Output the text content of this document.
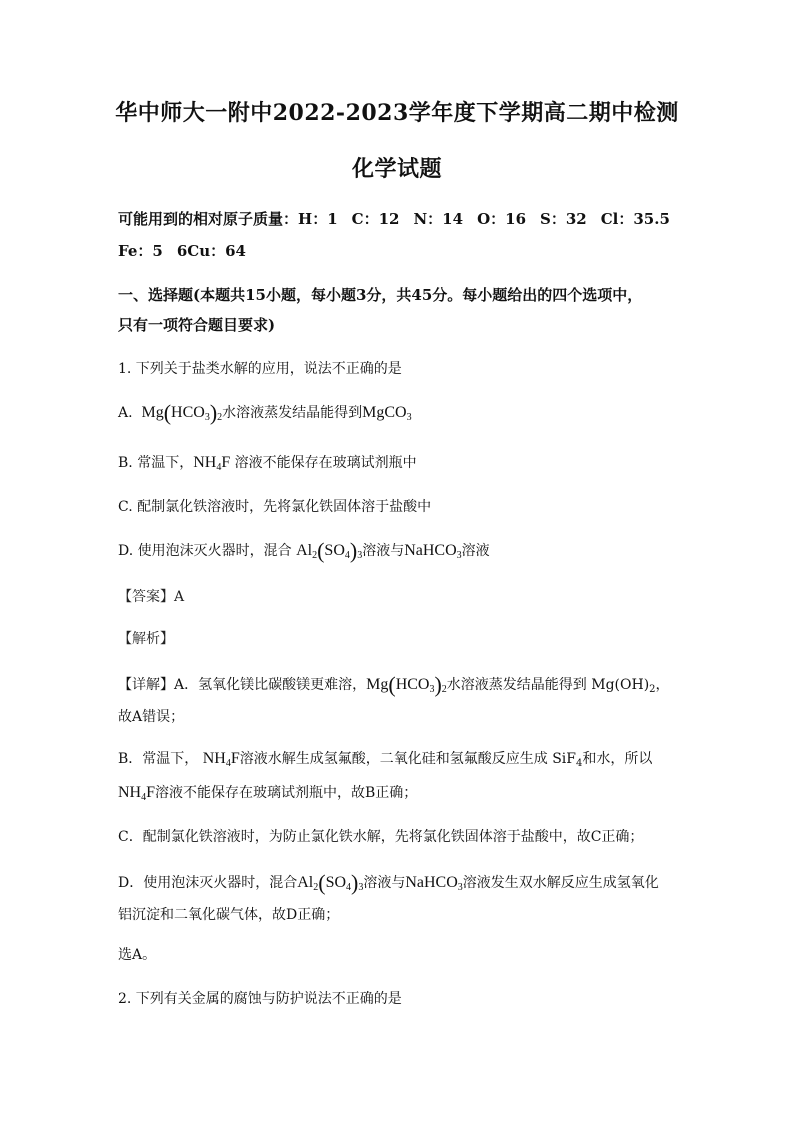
华中师大一附中2022-2023学年度下学期高二期中检测
化学试题
可能用到的相对原子质量：H：1 C：12 N：14 O：16 S：32 Cl：35.5
Fe：5 6Cu：64
一、选择题(本题共15小题，每小题3分，共45分。每小题给出的四个选项中，
只有一项符合题目要求)
1. 下列关于盐类水解的应用，说法不正确的是
A. $Mg(HCO_3)_2$水溶液蒸发结晶能得到MgCO$_3$
B. 常温下，$NH_4F$ 溶液不能保存在玻璃试剂瓶中
C. 配制氯化铁溶液时，先将氯化铁固体溶于盐酸中
D. 使用泡沫灭火器时，混合 $Al_2(SO_4)_3$溶液与NaHCO$_3$溶液
【答案】A
【解析】
【详解】A．氢氧化镁比碳酸镁更难溶，$Mg(HCO_3)_2$水溶液蒸发结晶能得到 $Mg(OH)_2$，
故A错误；
B．常温下， $NH_4F$溶液水解生成氢氟酸，二氧化硅和氢氟酸反应生成 SiF$_4$和水，所以
$NH_4F$溶液不能保存在玻璃试剂瓶中，故B正确；
C．配制氯化铁溶液时，为防止氯化铁水解，先将氯化铁固体溶于盐酸中，故C正确；
D．使用泡沫灭火器时，混合$Al_2(SO_4)_3$溶液与NaHCO$_3$溶液发生双水解反应生成氢氧化
铝沉淀和二氧化碳气体，故D正确；
选A。
2. 下列有关金属的腐蚀与防护说法不正确的是
